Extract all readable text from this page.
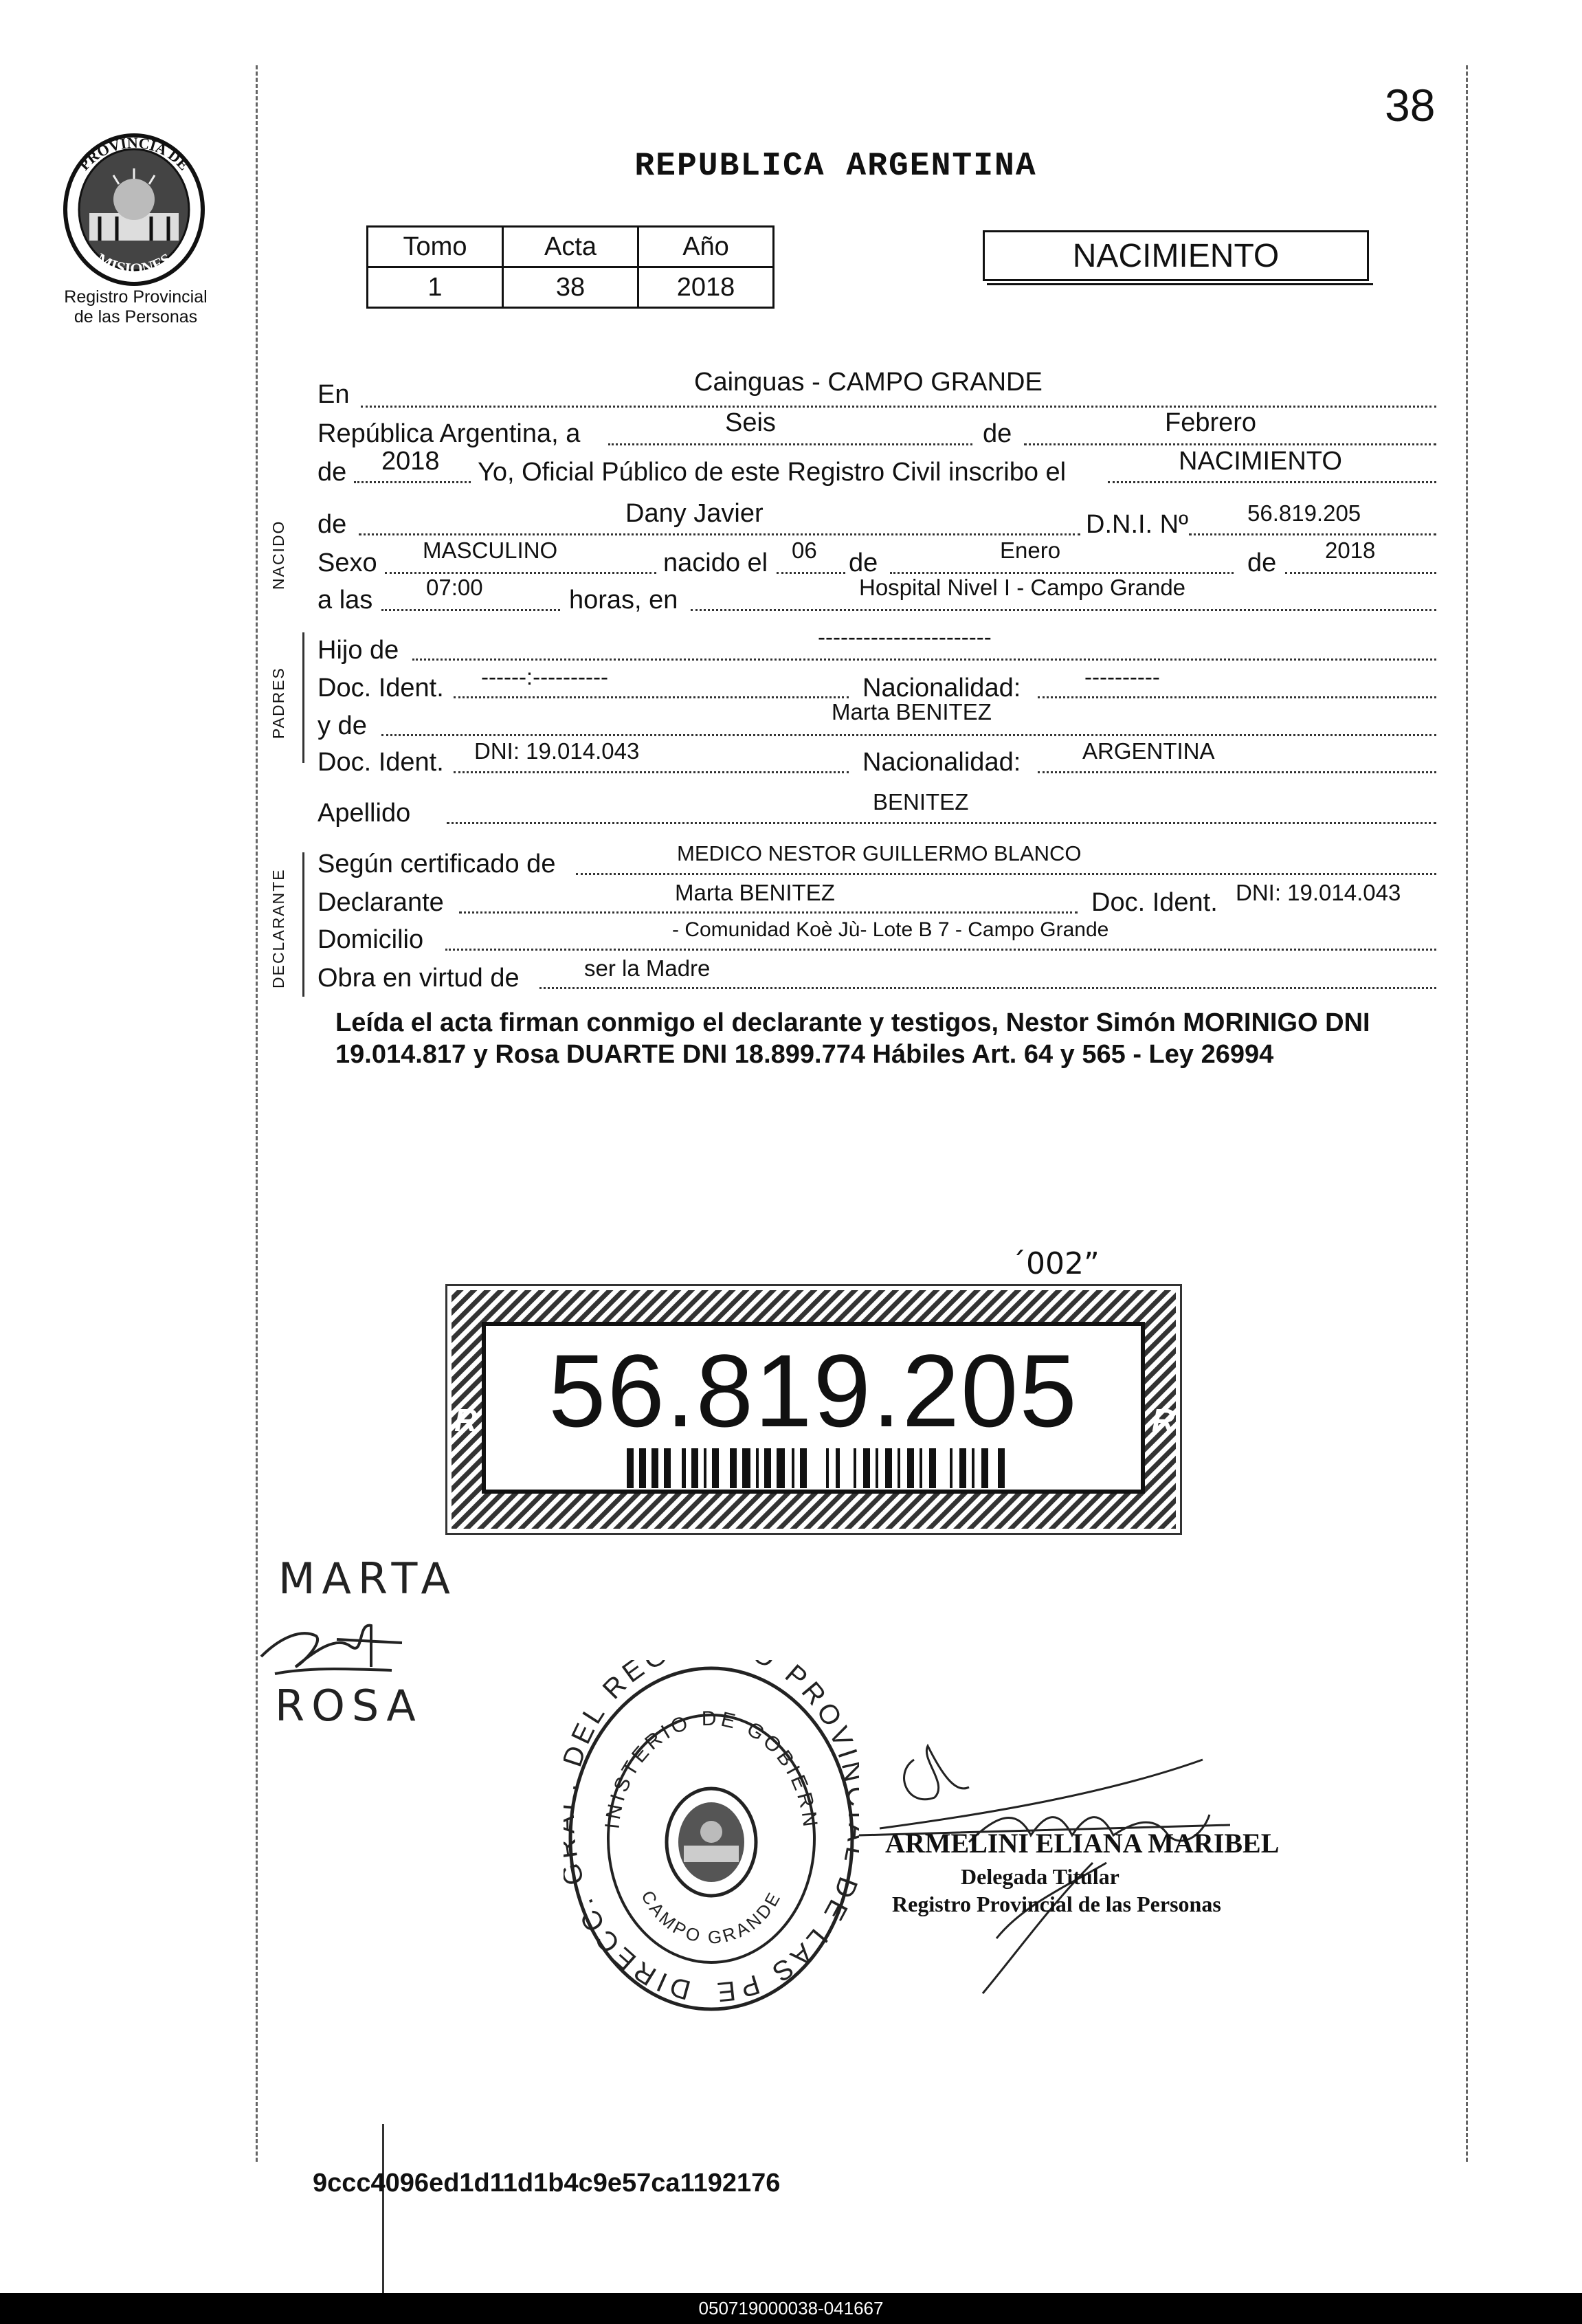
38
PROVINCIA DE
MISIONES
Registro Provincial
de las Personas
REPUBLICA ARGENTINA
Tomo	Acta	Año
1	38	2018
NACIMIENTO
En	Cainguas - CAMPO GRANDE
República Argentina, a	Seis	de	Febrero
de 2018 Yo, Oficial Público de este Registro Civil inscribo el	NACIMIENTO
NACIDO de	Dany Javier	D.N.I. Nº	56.819.205
Sexo MASCULINO	nacido el 06 de	Enero	de 2018
a las 07:00	horas, en	Hospital Nivel I - Campo Grande
PADRES
Hijo de	-----------------------
Doc. Ident. ------:----------	Nacionalidad:	----------
y de	Marta BENITEZ
Doc. Ident. DNI: 19.014.043	Nacionalidad:	ARGENTINA
Apellido	BENITEZ
DECLARANTE
Según certificado de	MEDICO NESTOR GUILLERMO BLANCO
Declarante	Marta BENITEZ	Doc. Ident. DNI: 19.014.043
Domicilio	- Comunidad Koè Jù- Lote B 7 - Campo Grande
Obra en virtud de	ser la Madre
Leída el acta firman conmigo el declarante y testigos, Nestor Simón MORINIGO DNI 19.014.817 y Rosa DUARTE DNI 18.899.774 Hábiles Art. 64 y 565 - Ley 26994
56.819.205
´002”
R	R
MARTA
ROSA
DIRECC. EL RE PROV E LAS PE
INISTERIO DE GOBIERN
CAMPO GRANDE
ARMELINI ELIANA MARIBEL
Delegada Titular
Registro Provincial de las Personas
9ccc4096ed1d11d1b4c9e57ca1192176
050719000038-041667
